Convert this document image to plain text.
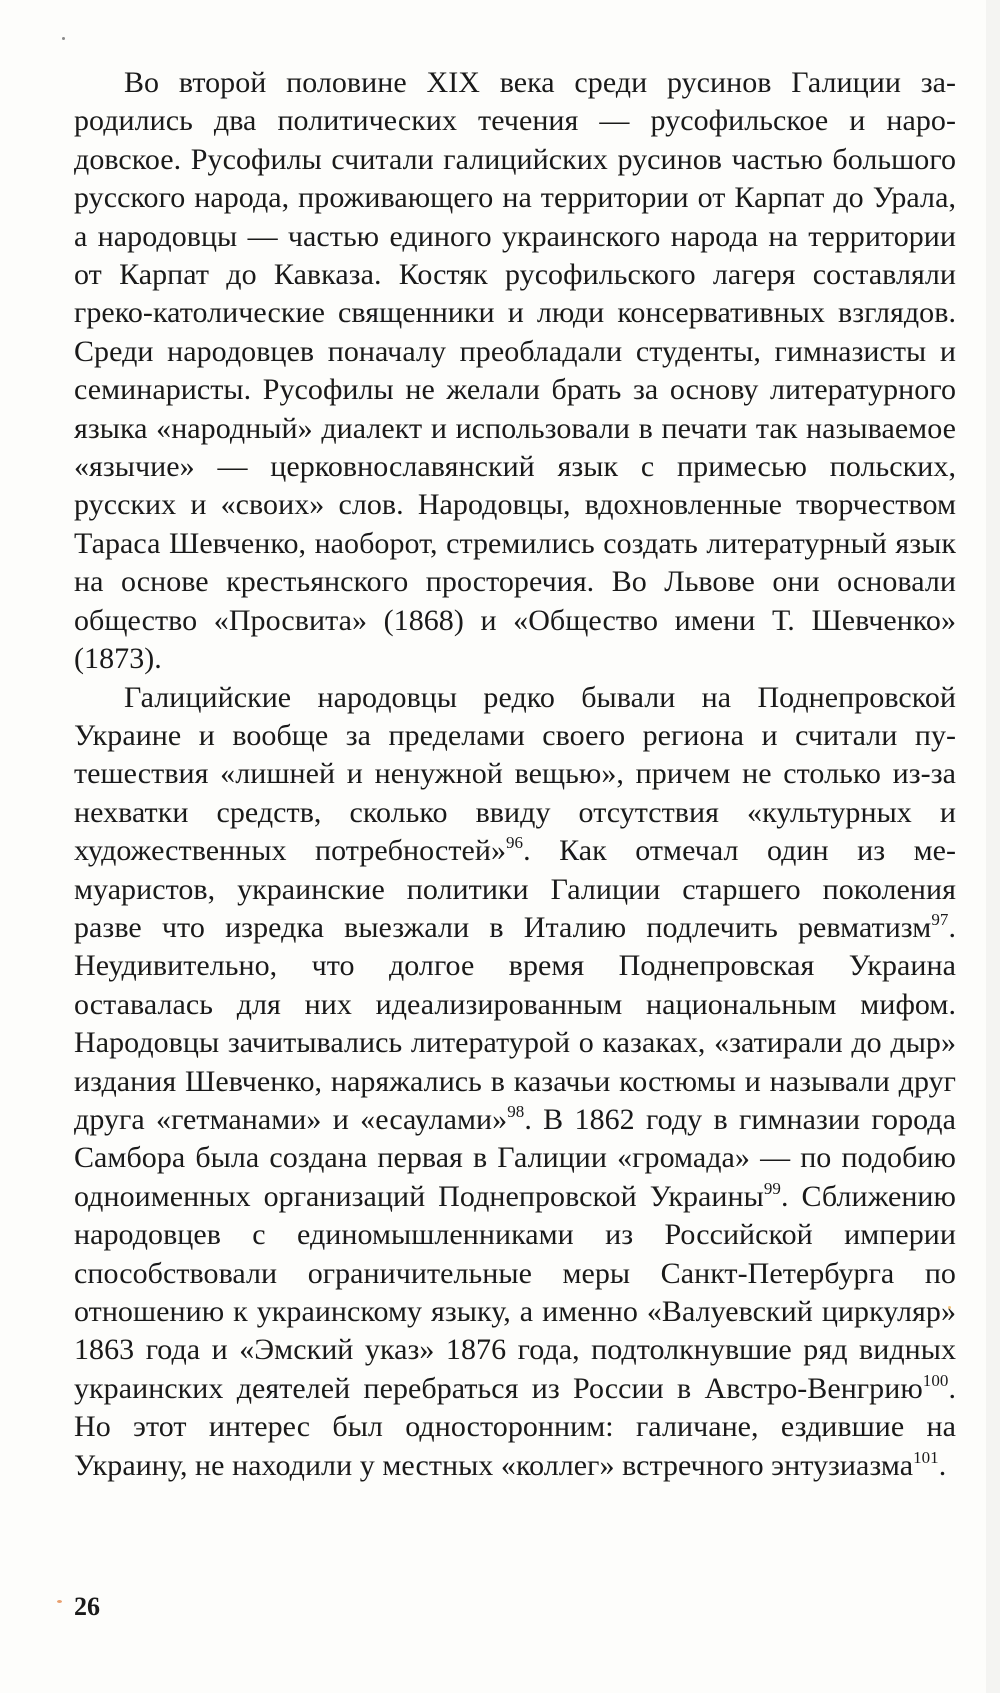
Во второй половине XIX века среди русинов Галиции зародились два политических течения — русофильское и народовское. Русофилы считали галицийских русинов частью большого русского народа, проживающего на территории от Карпат до Урала, а народовцы — частью единого украинского народа на территории от Карпат до Кавказа. Костяк русофильского лагеря составляли греко-католические священники и люди консервативных взглядов. Среди народовцев поначалу преобладали студенты, гимназисты и семинаристы. Русофилы не желали брать за основу литературного языка «народный» диалект и использовали в печати так называемое «язычие» — церковнославянский язык с примесью польских, русских и «своих» слов. Народовцы, вдохновленные творчеством Тараса Шевченко, наоборот, стремились создать литературный язык на основе крестьянского просторечия. Во Львове они основали общество «Просвита» (1868) и «Общество имени Т. Шевченко» (1873).

Галицийские народовцы редко бывали на Поднепровской Украине и вообще за пределами своего региона и считали путешествия «лишней и ненужной вещью», причем не столько из-за нехватки средств, сколько ввиду отсутствия «культурных и художественных потребностей»$^{96}$. Как отмечал один из мемуаристов, украинские политики Галиции старшего поколения разве что изредка выезжали в Италию подлечить ревматизм$^{97}$. Неудивительно, что долгое время Поднепровская Украина оставалась для них идеализированным национальным мифом. Народовцы зачитывались литературой о казаках, «затирали до дыр» издания Шевченко, наряжались в казачьи костюмы и называли друг друга «гетманами» и «есаулами»$^{98}$. В 1862 году в гимназии города Самбора была создана первая в Галиции «громада» — по подобию одноименных организаций Поднепровской Украины$^{99}$. Сближению народовцев с единомышленниками из Российской империи способствовали ограничительные меры Санкт-Петербурга по отношению к украинскому языку, а именно «Валуевский циркуляр» 1863 года и «Эмский указ» 1876 года, подтолкнувшие ряд видных украинских деятелей перебраться из России в Австро-Венгрию$^{100}$. Но этот интерес был односторонним: галичане, ездившие на Украину, не находили у местных «коллег» встречного энтузиазма$^{101}$.

26
